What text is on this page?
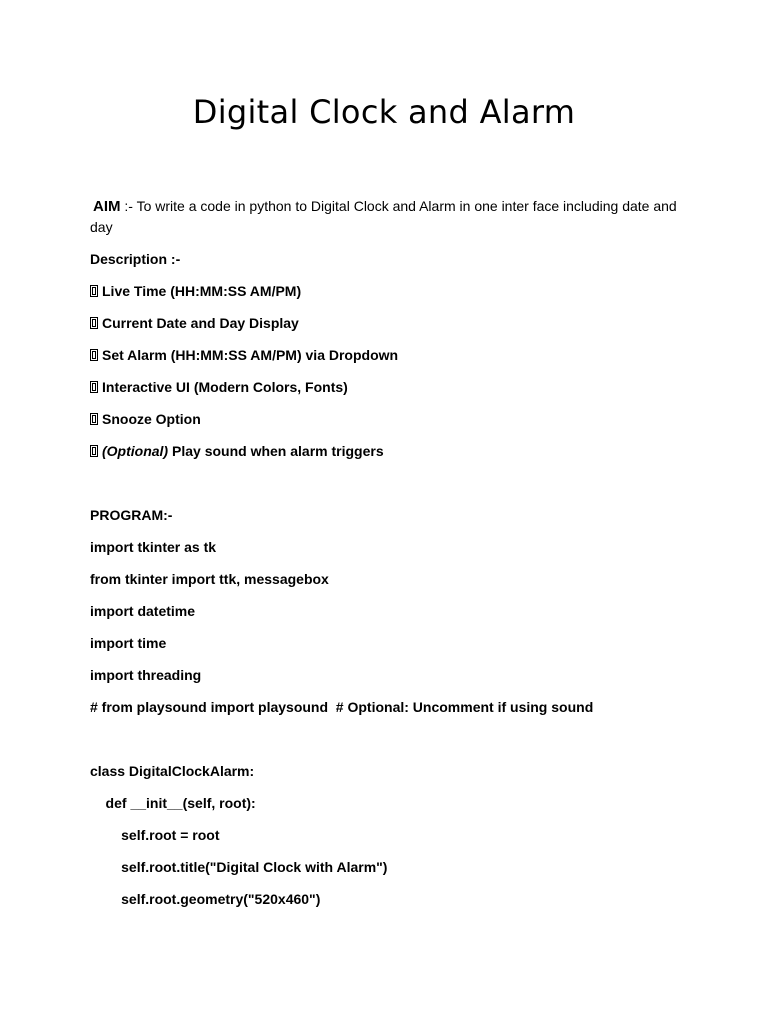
Digital Clock and Alarm
AIM :- To write a code in python to Digital Clock and Alarm in one inter face including date and day
Description :-
Live Time (HH:MM:SS AM/PM)
Current Date and Day Display
Set Alarm (HH:MM:SS AM/PM) via Dropdown
Interactive UI (Modern Colors, Fonts)
Snooze Option
(Optional) Play sound when alarm triggers
PROGRAM:-
import tkinter as tk
from tkinter import ttk, messagebox
import datetime
import time
import threading
# from playsound import playsound  # Optional: Uncomment if using sound
class DigitalClockAlarm:
def __init__(self, root):
self.root = root
self.root.title("Digital Clock with Alarm")
self.root.geometry("520x460")
